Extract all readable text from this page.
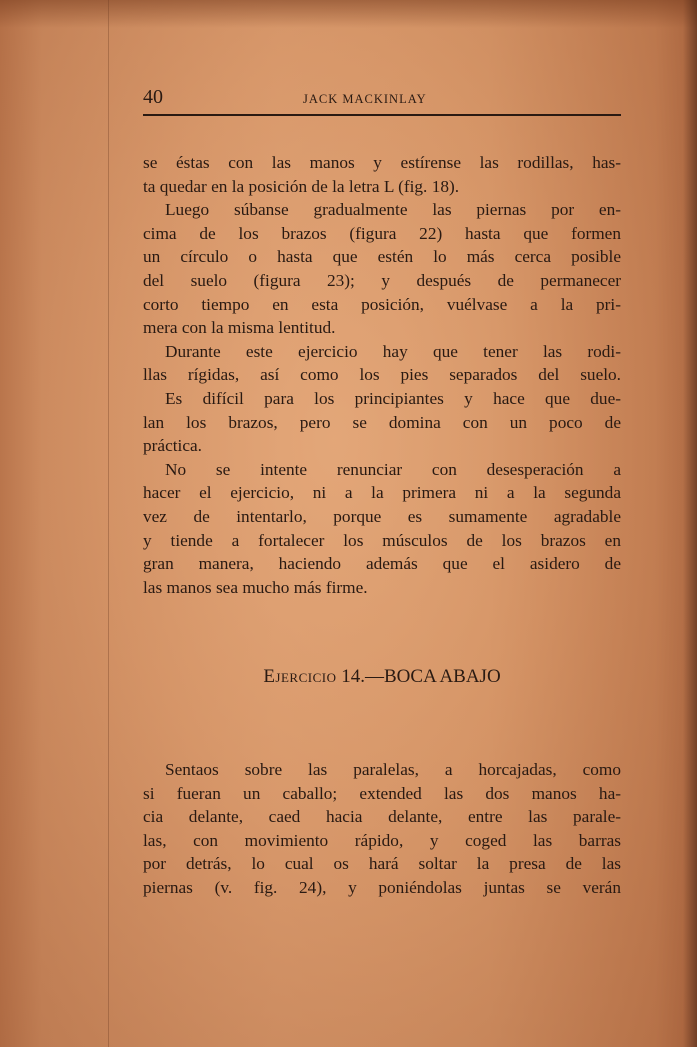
40	JACK MACKINLAY
se éstas con las manos y estírense las rodillas, has-
ta quedar en la posición de la letra L (fig. 18).
Luego súbanse gradualmente las piernas por en-
cima de los brazos (figura 22) hasta que formen
un círculo o hasta que estén lo más cerca posible
del suelo (figura 23); y después de permanecer
corto tiempo en esta posición, vuélvase a la pri-
mera con la misma lentitud.
Durante este ejercicio hay que tener las rodi-
llas rígidas, así como los pies separados del suelo.
Es difícil para los principiantes y hace que due-
lan los brazos, pero se domina con un poco de
práctica.
No se intente renunciar con desesperación a
hacer el ejercicio, ni a la primera ni a la segunda
vez de intentarlo, porque es sumamente agradable
y tiende a fortalecer los músculos de los brazos en
gran manera, haciendo además que el asidero de
las manos sea mucho más firme.
Ejercicio 14.—BOCA ABAJO
Sentaos sobre las paralelas, a horcajadas, como
si fueran un caballo; extended las dos manos ha-
cia delante, caed hacia delante, entre las parale-
las, con movimiento rápido, y coged las barras
por detrás, lo cual os hará soltar la presa de las
piernas (v. fig. 24), y poniéndolas juntas se verán
